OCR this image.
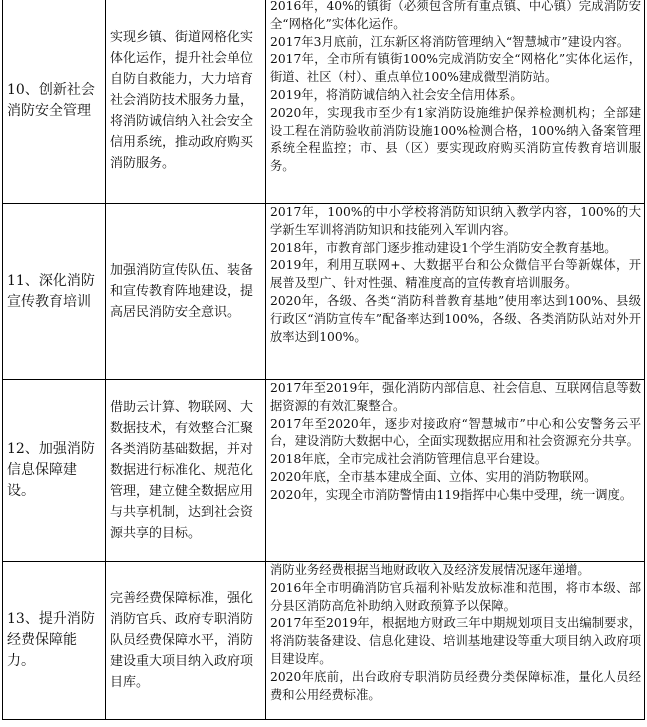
10、创新社会消防安全管理	实现乡镇、街道网格化实体化运作，提升社会单位自防自救能力，大力培育社会消防技术服务力量，将消防诚信纳入社会安全信用系统，推动政府购买消防服务。	2016年，40%的镇街（必须包含所有重点镇、中心镇）完成消防安全“网格化”实体化运作。

2017年3月底前，江东新区将消防管理纳入“智慧城市”建设内容。

2017年，全市所有镇街100%完成消防安全“网格化”实体化运作，街道、社区（村）、重点单位100%建成微型消防站。

2019年，将消防诚信纳入社会安全信用体系。

2020年，实现我市至少有1家消防设施维护保养检测机构；全部建设工程在消防验收前消防设施100%检测合格，100%纳入备案管理系统全程监控；市、县（区）要实现政府购买消防宣传教育培训服务。

11、深化消防宣传教育培训	加强消防宣传队伍、装备和宣传教育阵地建设，提高居民消防安全意识。	2017年，100%的中小学校将消防知识纳入教学内容，100%的大学新生军训将消防知识和技能列入军训内容。

2018年，市教育部门逐步推动建设1个学生消防安全教育基地。

2019年，利用互联网+、大数据平台和公众微信平台等新媒体，开展普及型广、针对性强、精准度高的宣传教育培训服务。

2020年，各级、各类“消防科普教育基地”使用率达到100%、县级行政区“消防宣传车”配备率达到100%，各级、各类消防队站对外开放率达到100%。

12、加强消防信息保障建设。	借助云计算、物联网、大数据技术，有效整合汇聚各类消防基础数据，并对数据进行标准化、规范化管理，建立健全数据应用与共享机制，达到社会资源共享的目标。	2017年至2019年，强化消防内部信息、社会信息、互联网信息等数据资源的有效汇聚整合。

2017年至2020年，逐步对接政府“智慧城市”中心和公安警务云平台，建设消防大数据中心，全面实现数据应用和社会资源充分共享。

2018年底，全市完成社会消防管理信息平台建设。

2020年底，全市基本建成全面、立体、实用的消防物联网。

2020年，实现全市消防警情由119指挥中心集中受理，统一调度。

13、提升消防经费保障能力。	完善经费保障标准，强化消防官兵、政府专职消防队员经费保障水平，消防建设重大项目纳入政府项目库。	消防业务经费根据当地财政收入及经济发展情况逐年递增。

2016年全市明确消防官兵福利补贴发放标准和范围，将市本级、部分县区消防高危补助纳入财政预算予以保障。

2017年至2019年，根据地方财政三年中期规划项目支出编制要求，将消防装备建设、信息化建设、培训基地建设等重大项目纳入政府项目建设库。

2020年底前，出台政府专职消防员经费分类保障标准，量化人员经费和公用经费标准。
